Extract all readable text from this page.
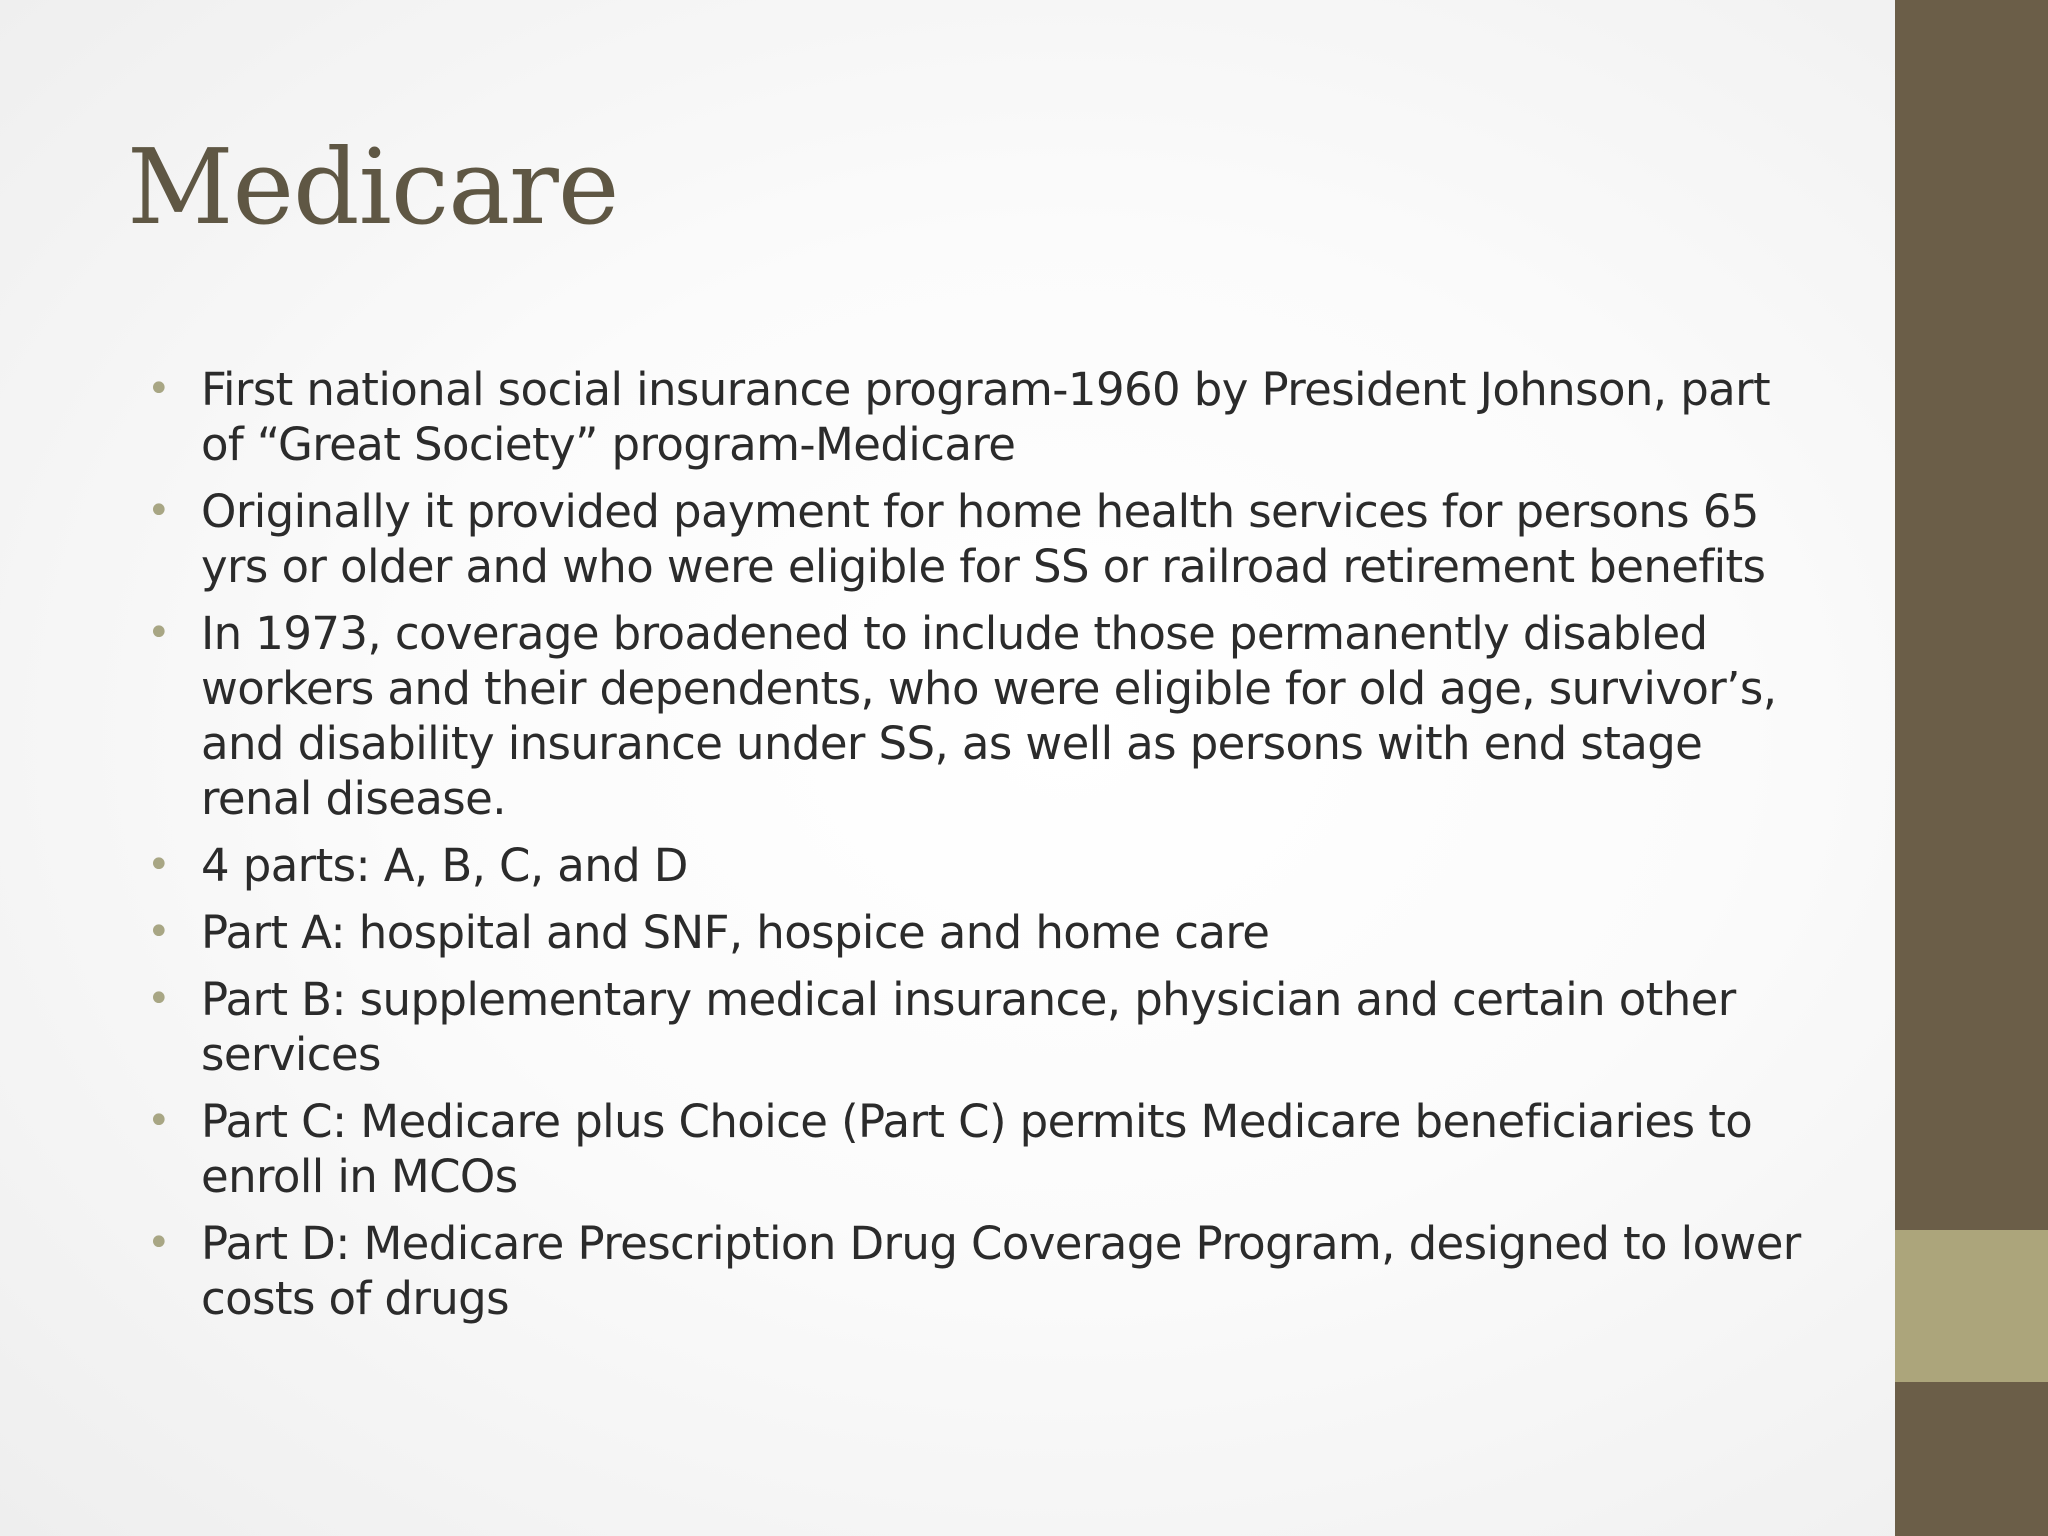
Medicare
• First national social insurance program-1960 by President Johnson, part of “Great Society” program-Medicare
• Originally it provided payment for home health services for persons 65 yrs or older and who were eligible for SS or railroad retirement benefits
• In 1973, coverage broadened to include those permanently disabled workers and their dependents, who were eligible for old age, survivor’s, and disability insurance under SS, as well as persons with end stage renal disease.
• 4 parts: A, B, C, and D
• Part A: hospital and SNF, hospice and home care
• Part B: supplementary medical insurance, physician and certain other services
• Part C: Medicare plus Choice (Part C) permits Medicare beneficiaries to enroll in MCOs
• Part D: Medicare Prescription Drug Coverage Program, designed to lower costs of drugs
